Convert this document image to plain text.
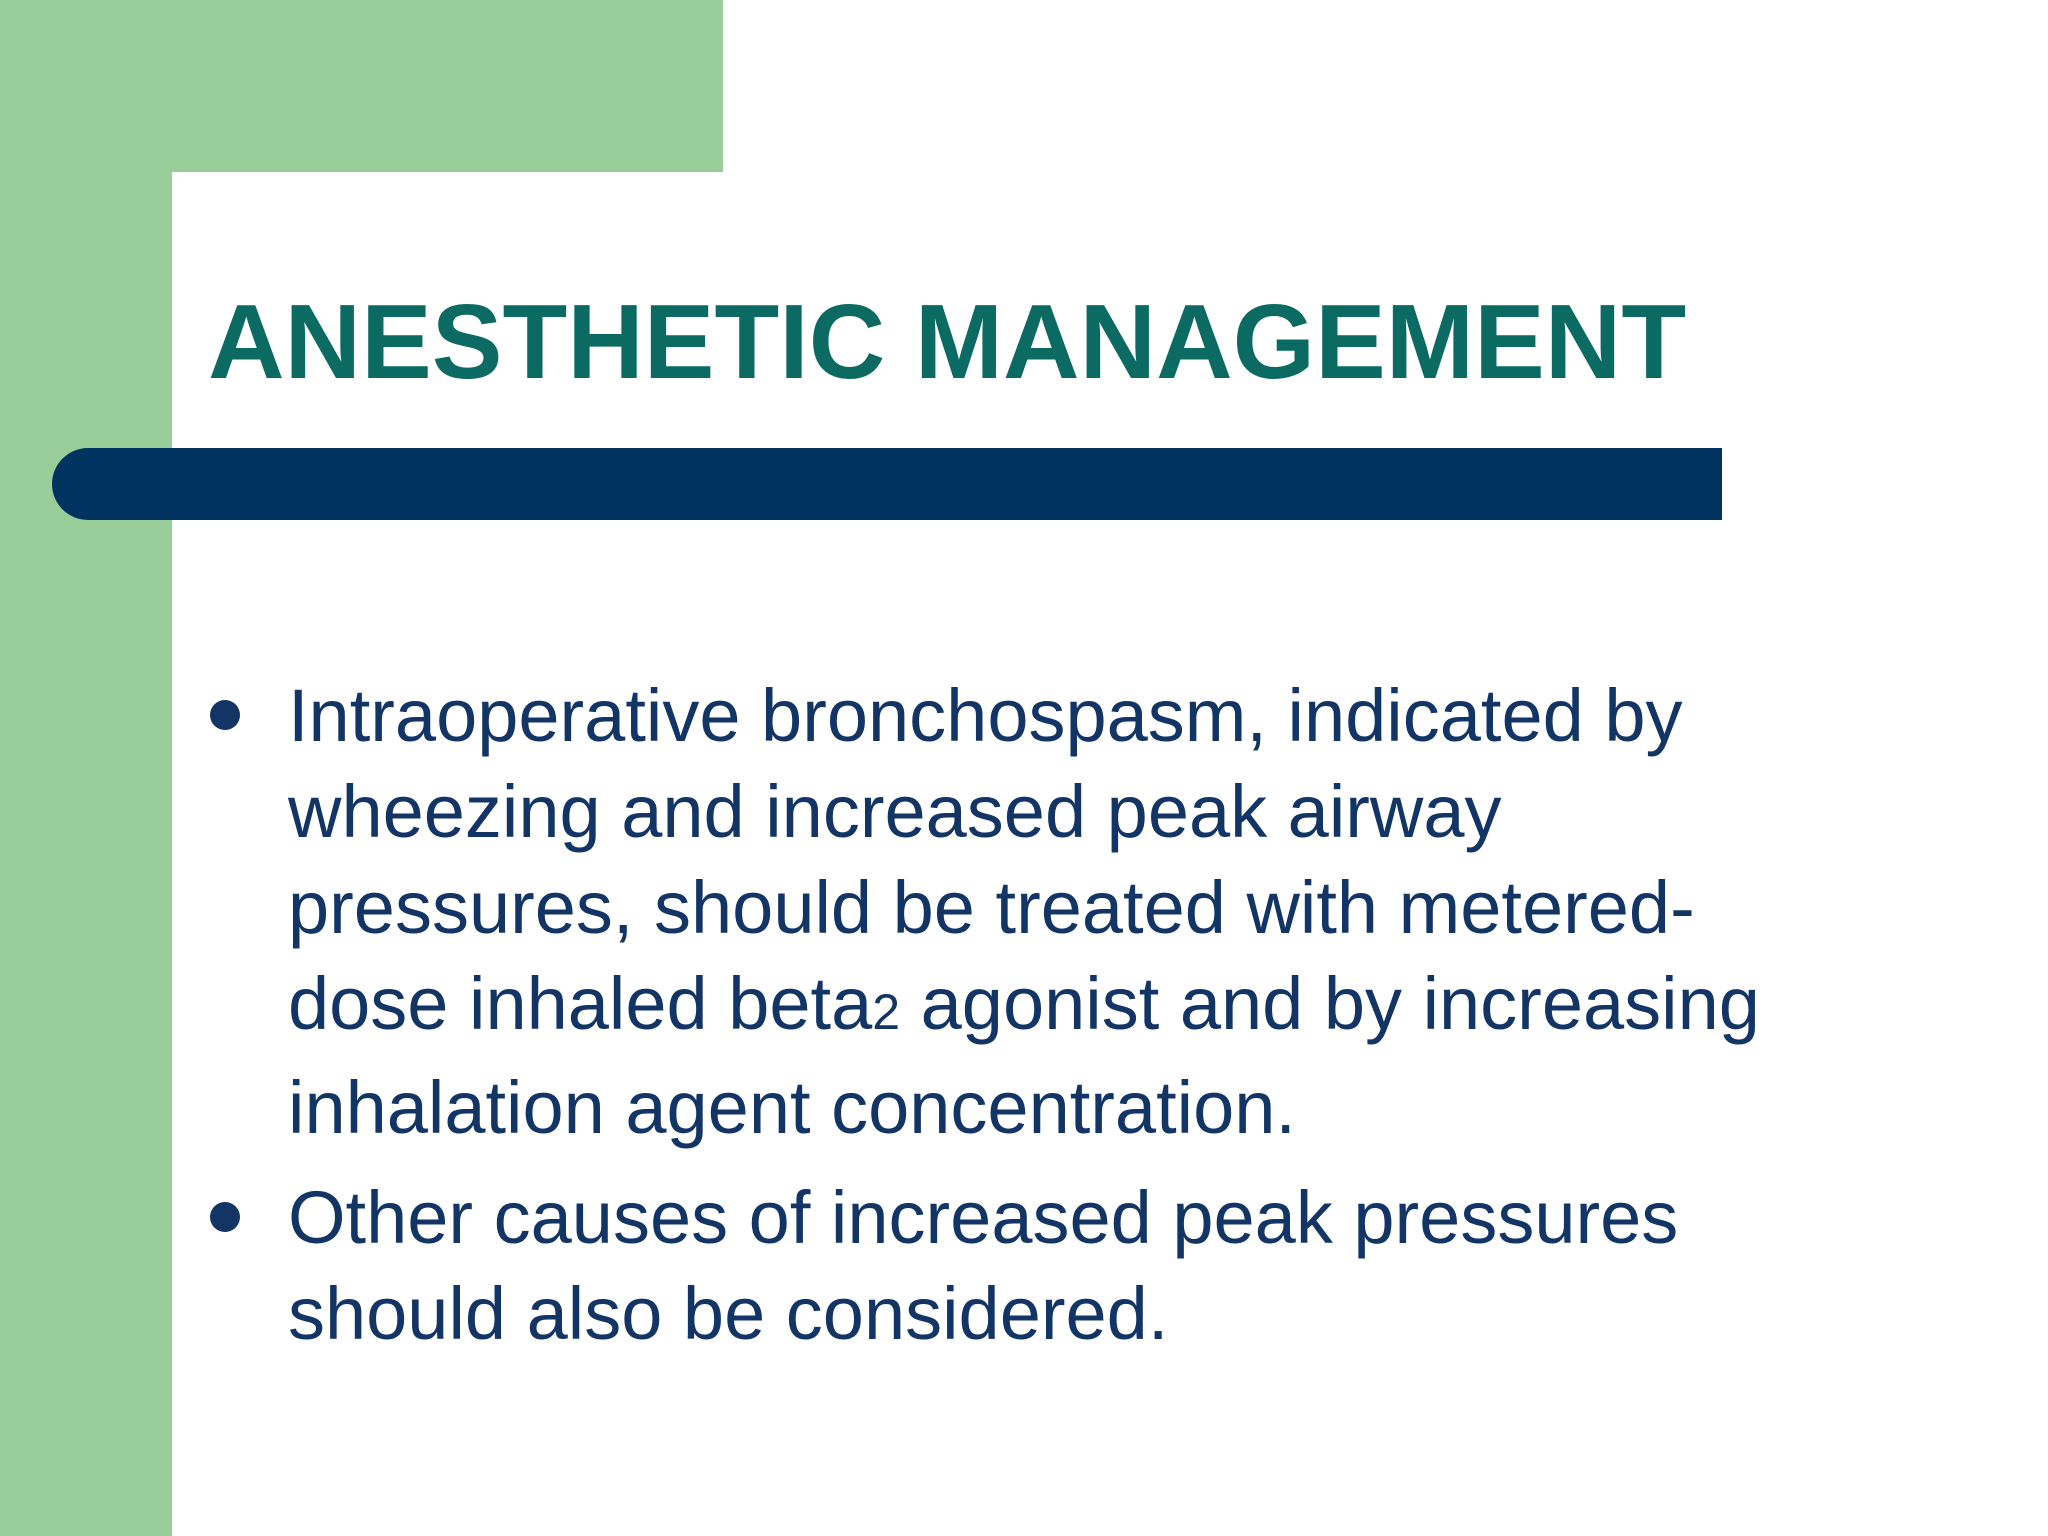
ANESTHETIC MANAGEMENT
Intraoperative bronchospasm, indicated by
wheezing and increased peak airway
pressures, should be treated with metered-
dose inhaled beta2 agonist and by increasing
inhalation agent concentration.
Other causes of increased peak pressures
should also be considered.
